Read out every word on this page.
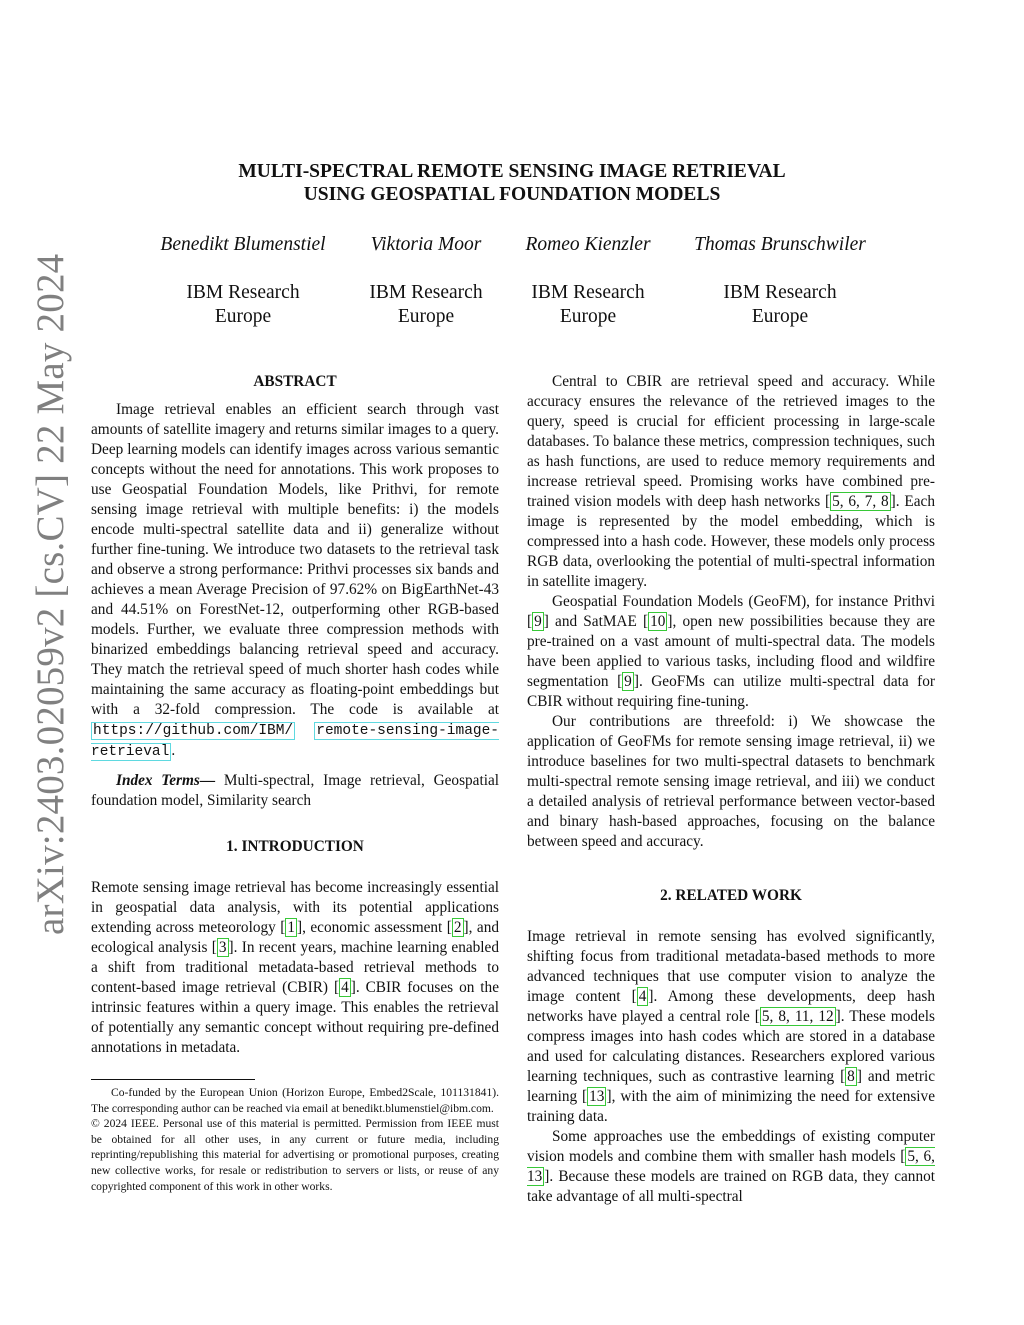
arXiv:2403.02059v2 [cs.CV] 22 May 2024
MULTI-SPECTRAL REMOTE SENSING IMAGE RETRIEVAL
USING GEOSPATIAL FOUNDATION MODELS
Benedikt Blumenstiel Viktoria Moor Romeo Kienzler Thomas Brunschwiler
IBM Research
Europe
IBM Research
Europe
IBM Research
Europe
IBM Research
Europe
ABSTRACT

Image retrieval enables an efficient search through vast amounts of satellite imagery and returns similar images to a query. Deep learning models can identify images across various semantic concepts without the need for annotations. This work proposes to use Geospatial Foundation Models, like Prithvi, for remote sensing image retrieval with multiple benefits: i) the models encode multi-spectral satellite data and ii) generalize without further fine-tuning. We introduce two datasets to the retrieval task and observe a strong performance: Prithvi processes six bands and achieves a mean Average Precision of 97.62% on BigEarthNet-43 and 44.51% on ForestNet-12, outperforming other RGB-based models. Further, we evaluate three compression methods with binarized embeddings balancing retrieval speed and accuracy. They match the retrieval speed of much shorter hash codes while maintaining the same accuracy as floating-point embeddings but with a 32-fold compression. The code is available at https://github.com/IBM/ remote-sensing-image-retrieval .

Index Terms— Multi-spectral, Image retrieval, Geospatial foundation model, Similarity search

1. INTRODUCTION

Remote sensing image retrieval has become increasingly essential in geospatial data analysis, with its potential applications extending across meteorology [ 1 ], economic assessment [ 2 ], and ecological analysis [ 3 ]. In recent years, machine learning enabled a shift from traditional metadata-based retrieval methods to content-based image retrieval (CBIR) [ 4 ]. CBIR focuses on the intrinsic features within a query image. This enables the retrieval of potentially any semantic concept without requiring pre-defined annotations in metadata.

Co-funded by the European Union (Horizon Europe, Embed2Scale, 101131841). The corresponding author can be reached via email at benedikt.blumenstiel@ibm.com.

© 2024 IEEE. Personal use of this material is permitted. Permission from IEEE must be obtained for all other uses, in any current or future media, including reprinting/republishing this material for advertising or promotional purposes, creating new collective works, for resale or redistribution to servers or lists, or reuse of any copyrighted component of this work in other works.

Central to CBIR are retrieval speed and accuracy. While accuracy ensures the relevance of the retrieved images to the query, speed is crucial for efficient processing in large-scale databases. To balance these metrics, compression techniques, such as hash functions, are used to reduce memory requirements and increase retrieval speed. Promising works have combined pre-trained vision models with deep hash networks [ 5, 6, 7, 8 ]. Each image is represented by the model embedding, which is compressed into a hash code. However, these models only process RGB data, overlooking the potential of multi-spectral information in satellite imagery.

Geospatial Foundation Models (GeoFM), for instance Prithvi [ 9 ] and SatMAE [ 10 ], open new possibilities because they are pre-trained on a vast amount of multi-spectral data. The models have been applied to various tasks, including flood and wildfire segmentation [ 9 ]. GeoFMs can utilize multi-spectral data for CBIR without requiring fine-tuning.

Our contributions are threefold: i) We showcase the application of GeoFMs for remote sensing image retrieval, ii) we introduce baselines for two multi-spectral datasets to benchmark multi-spectral remote sensing image retrieval, and iii) we conduct a detailed analysis of retrieval performance between vector-based and binary hash-based approaches, focusing on the balance between speed and accuracy.

2. RELATED WORK

Image retrieval in remote sensing has evolved significantly, shifting focus from traditional metadata-based methods to more advanced techniques that use computer vision to analyze the image content [ 4 ]. Among these developments, deep hash networks have played a central role [ 5, 8, 11, 12 ]. These models compress images into hash codes which are stored in a database and used for calculating distances. Researchers explored various learning techniques, such as contrastive learning [ 8 ] and metric learning [ 13 ], with the aim of minimizing the need for extensive training data.

Some approaches use the embeddings of existing computer vision models and combine them with smaller hash models [ 5, 6, 13 ]. Because these models are trained on RGB data, they cannot take advantage of all multi-spectral
